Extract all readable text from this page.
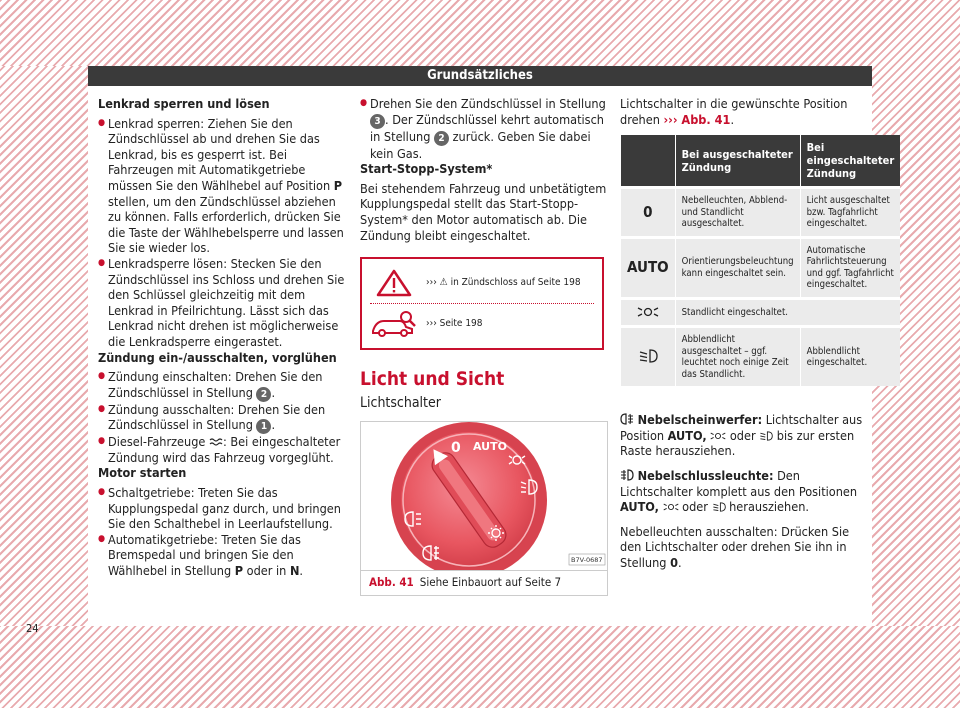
Grundsätzliches
24
Lenkrad sperren und lösen
● Lenkrad sperren: Ziehen Sie den Zündschlüssel ab und drehen Sie das Lenkrad, bis es gesperrt ist. Bei Fahrzeugen mit Automatikgetriebe müssen Sie den Wählhebel auf Position P stellen, um den Zündschlüssel abziehen zu können. Falls erforderlich, drücken Sie die Taste der Wählhebelsperre und lassen Sie sie wieder los.
● Lenkradsperre lösen: Stecken Sie den Zündschlüssel ins Schloss und drehen Sie den Schlüssel gleichzeitig mit dem Lenkrad in Pfeilrichtung. Lässt sich das Lenkrad nicht drehen ist möglicherweise die Lenkradsperre eingerastet.
Zündung ein-/ausschalten, vorglühen
● Zündung einschalten: Drehen Sie den Zündschlüssel in Stellung 2 .
● Zündung ausschalten: Drehen Sie den Zündschlüssel in Stellung 1 .
● Diesel-Fahrzeuge : Bei eingeschalteter Zündung wird das Fahrzeug vorgeglüht.
Motor starten
● Schaltgetriebe: Treten Sie das Kupplungspedal ganz durch, und bringen Sie den Schalthebel in Leerlaufstellung.
● Automatikgetriebe: Treten Sie das Bremspedal und bringen Sie den Wählhebel in Stellung P oder in N.
● Drehen Sie den Zündschlüssel in Stellung 3 . Der Zündschlüssel kehrt automatisch in Stellung 2 zurück. Geben Sie dabei kein Gas.
Start-Stopp-System*
Bei stehendem Fahrzeug und unbetätigtem Kupplungspedal stellt das Start-Stopp-System* den Motor automatisch ab. Die Zündung bleibt eingeschaltet.
››› ⚠ in Zündschloss auf Seite 198
››› Seite 198
Licht und Sicht
Lichtschalter
0 AUTO
B7V-0687
Abb. 41 Siehe Einbauort auf Seite 7
Lichtschalter in die gewünschte Position drehen ››› Abb. 41.
	Bei ausgeschalteter Zündung	Bei eingeschalteter Zündung
0	Nebelleuchten, Abblend- und Standlicht ausgeschaltet.	Licht ausgeschaltet bzw. Tagfahrlicht eingeschaltet.
AUTO	Orientierungsbeleuchtung kann eingeschaltet sein.	Automatische Fahrlichtsteuerung und ggf. Tagfahrlicht eingeschaltet.
	Standlicht eingeschaltet.	
	Abblendlicht ausgeschaltet – ggf. leuchtet noch einige Zeit das Standlicht.	Abblendlicht eingeschaltet.
Nebelscheinwerfer: Lichtschalter aus Position AUTO,  oder  bis zur ersten Raste herausziehen.
Nebelschlussleuchte: Den Lichtschalter komplett aus den Positionen AUTO,  oder  herausziehen.
Nebelleuchten ausschalten: Drücken Sie den Lichtschalter oder drehen Sie ihn in Stellung 0.
